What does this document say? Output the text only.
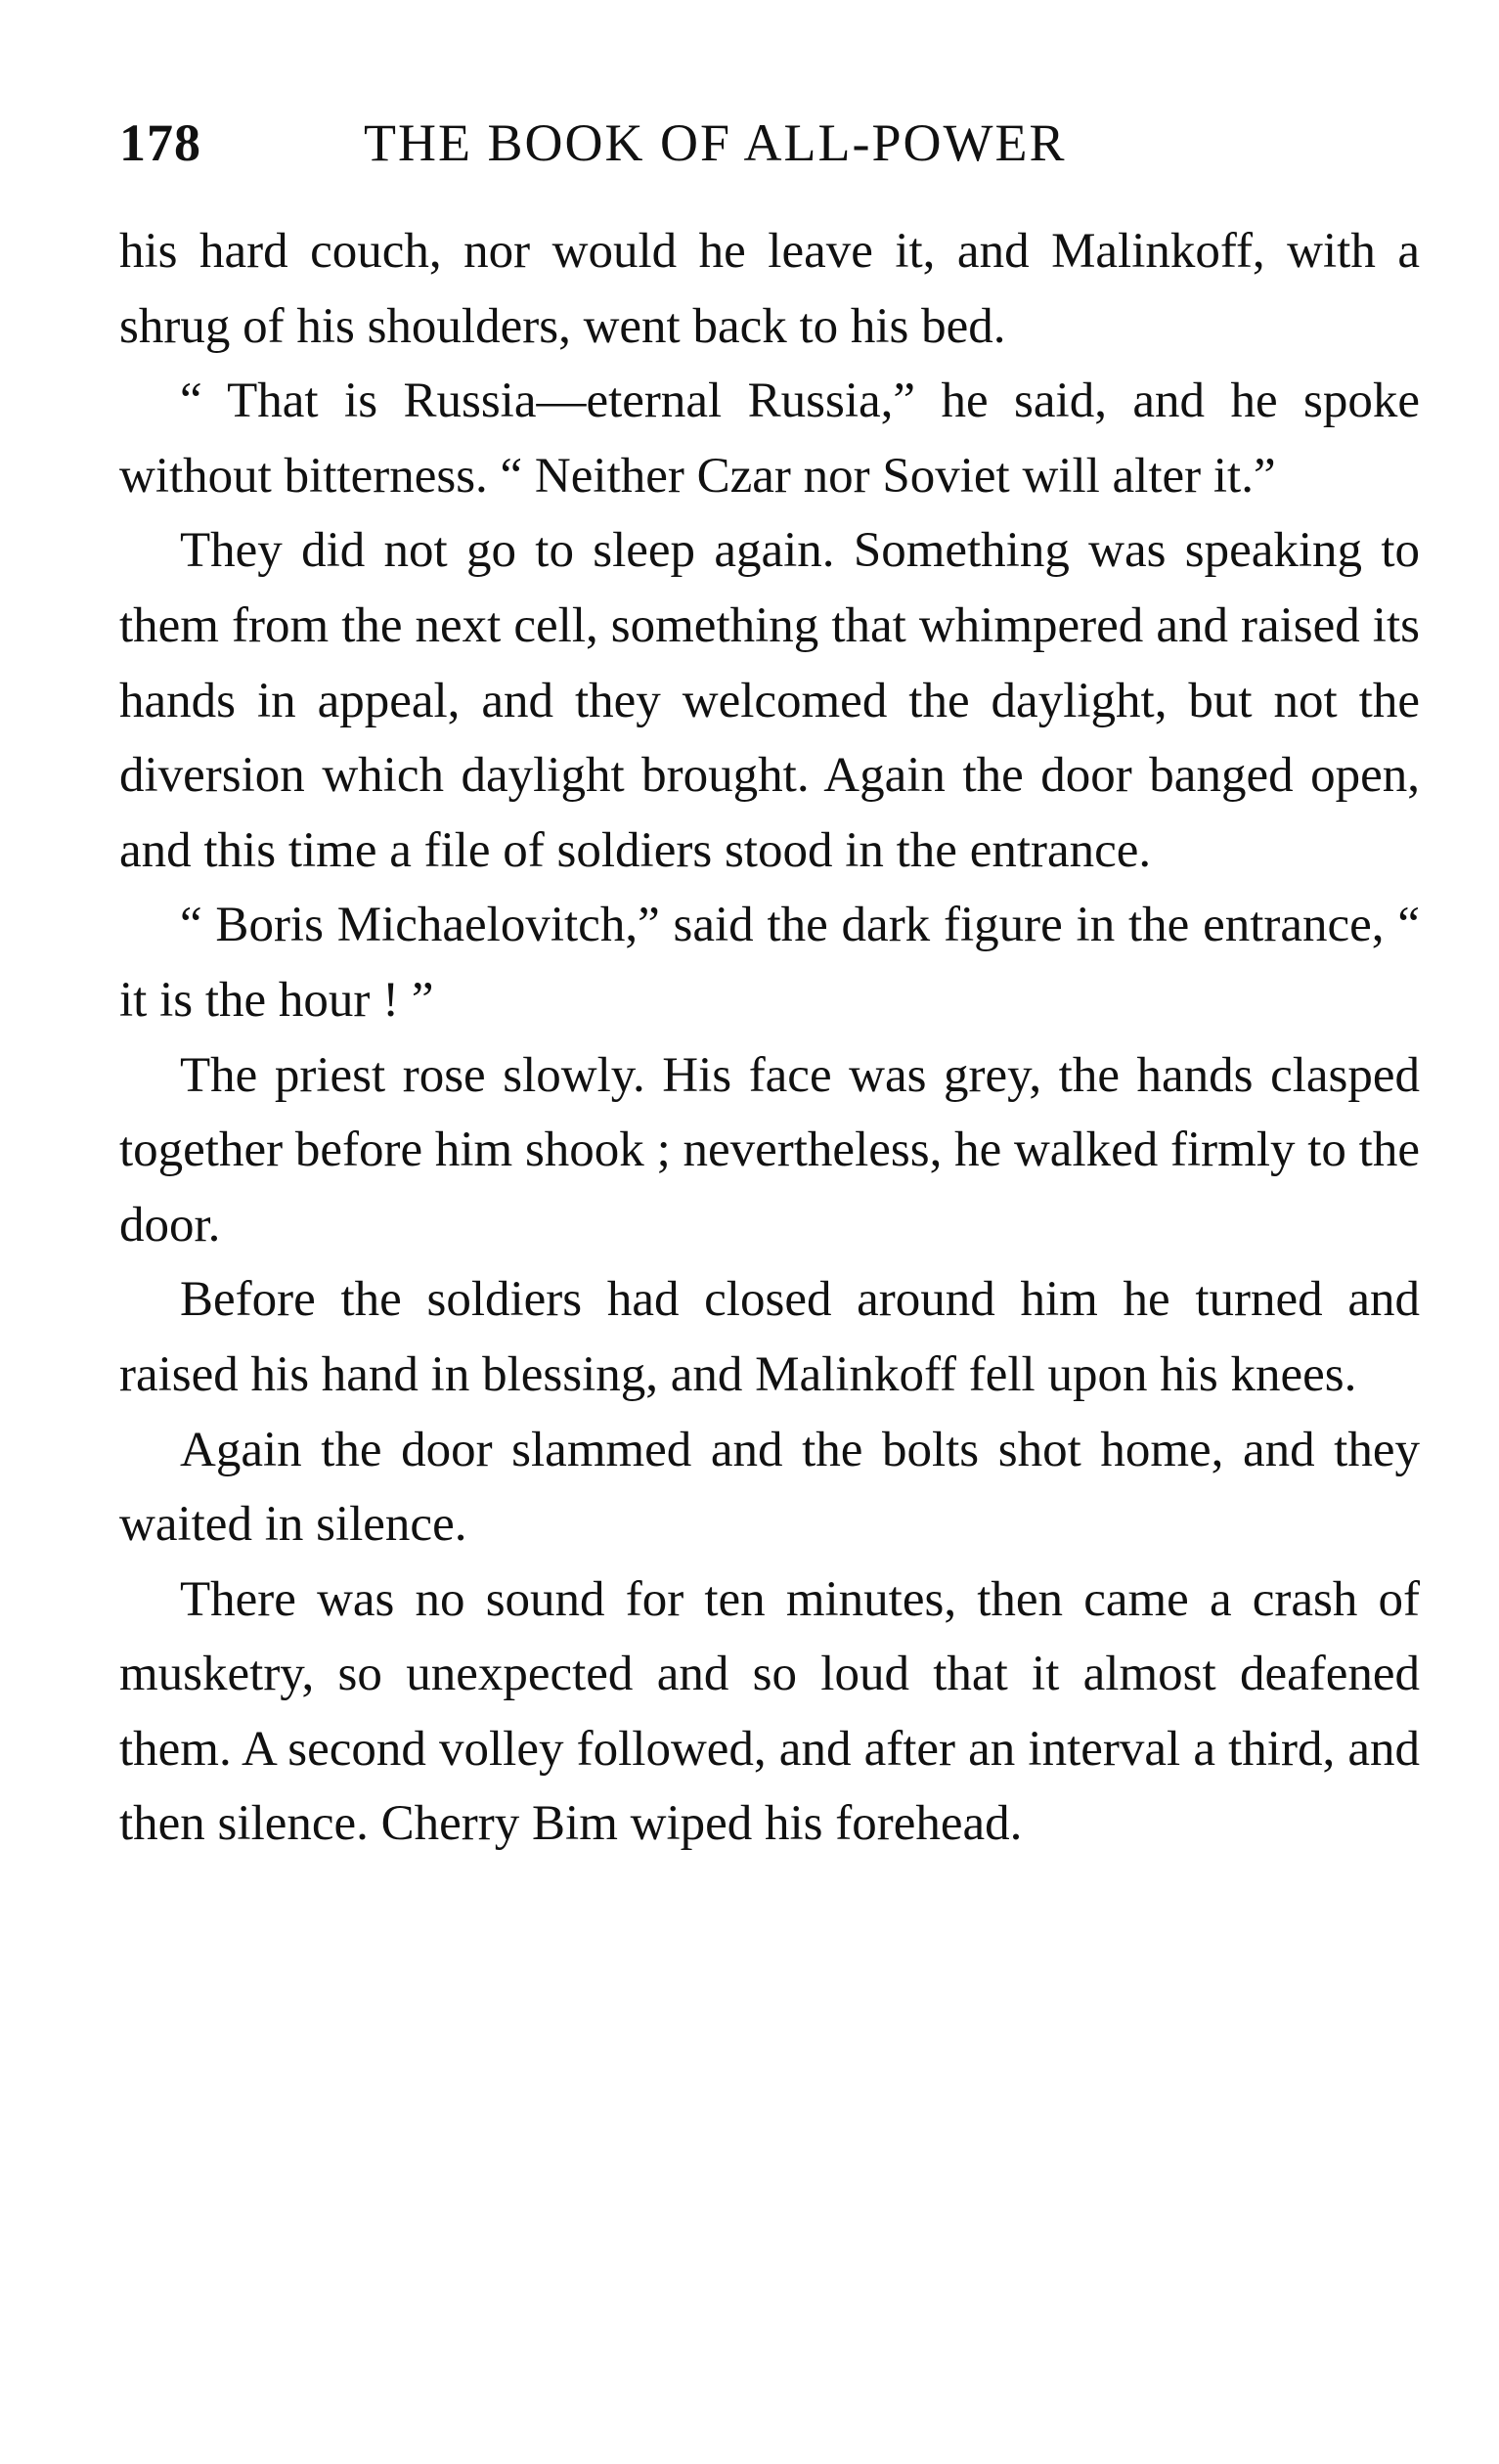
178	THE BOOK OF ALL-POWER

his hard couch, nor would he leave it, and Malinkoff, with a shrug of his shoulders, went back to his bed.

“ That is Russia—eternal Russia,” he said, and he spoke without bitterness. “ Neither Czar nor Soviet will alter it.”

They did not go to sleep again. Something was speaking to them from the next cell, something that whimpered and raised its hands in appeal, and they welcomed the daylight, but not the diversion which daylight brought. Again the door banged open, and this time a file of soldiers stood in the entrance.

“ Boris Michaelovitch,” said the dark figure in the entrance, “ it is the hour ! ”

The priest rose slowly. His face was grey, the hands clasped together before him shook ; nevertheless, he walked firmly to the door.

Before the soldiers had closed around him he turned and raised his hand in blessing, and Malinkoff fell upon his knees.

Again the door slammed and the bolts shot home, and they waited in silence.

There was no sound for ten minutes, then came a crash of musketry, so unexpected and so loud that it almost deafened them. A second volley followed, and after an interval a third, and then silence. Cherry Bim wiped his forehead.
